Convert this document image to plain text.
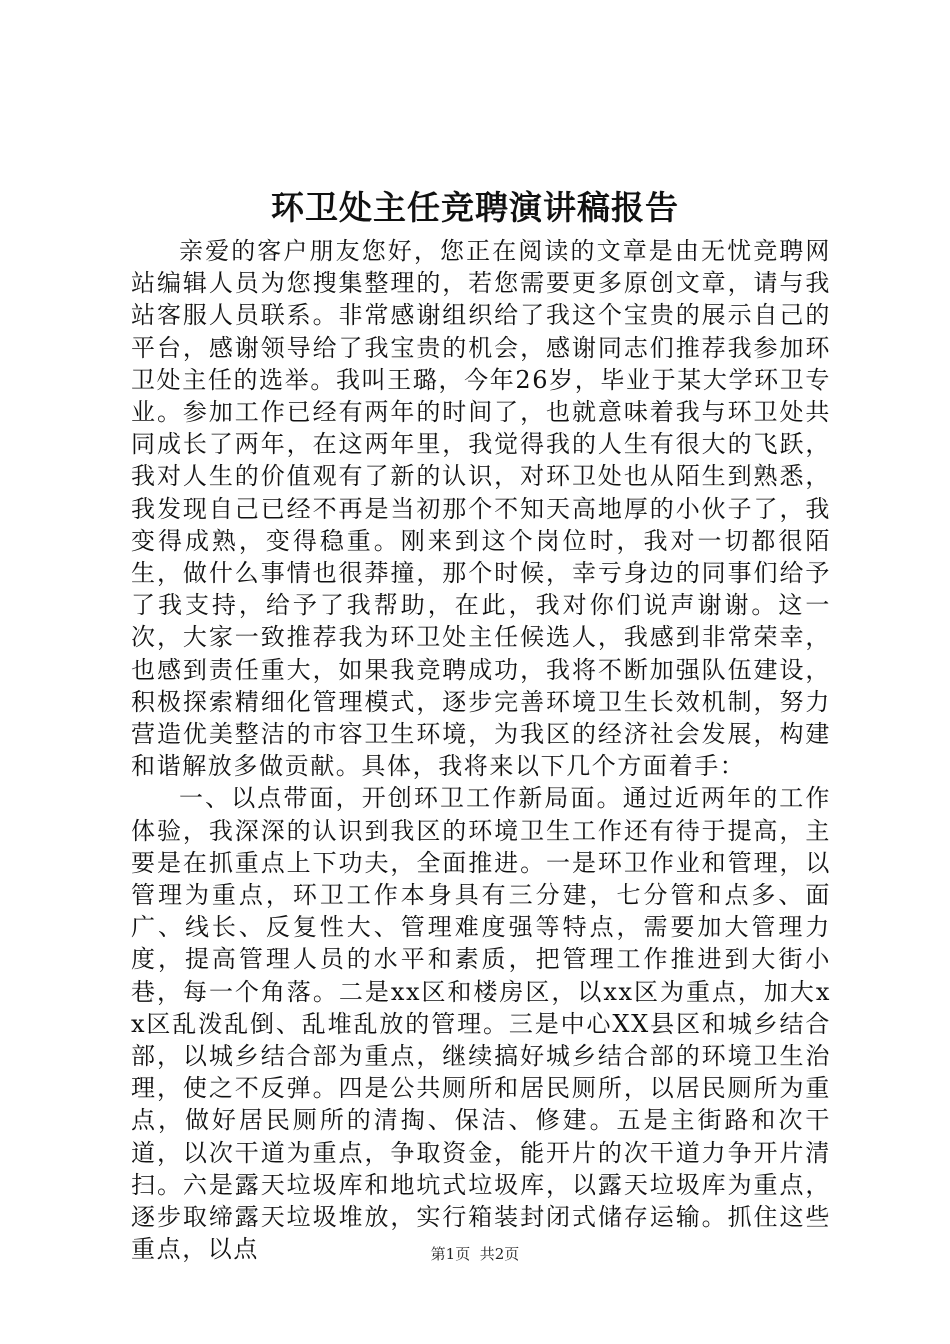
环卫处主任竞聘演讲稿报告

亲爱的客户朋友您好，您正在阅读的文章是由无忧竞聘网站编辑人员为您搜集整理的，若您需要更多原创文章，请与我站客服人员联系。非常感谢组织给了我这个宝贵的展示自己的平台，感谢领导给了我宝贵的机会，感谢同志们推荐我参加环卫处主任的选举。我叫王璐，今年26岁，毕业于某大学环卫专业。参加工作已经有两年的时间了，也就意味着我与环卫处共同成长了两年，在这两年里，我觉得我的人生有很大的飞跃，我对人生的价值观有了新的认识，对环卫处也从陌生到熟悉，我发现自己已经不再是当初那个不知天高地厚的小伙子了，我变得成熟，变得稳重。刚来到这个岗位时，我对一切都很陌生，做什么事情也很莽撞，那个时候，幸亏身边的同事们给予了我支持，给予了我帮助，在此，我对你们说声谢谢。这一次，大家一致推荐我为环卫处主任候选人，我感到非常荣幸，也感到责任重大，如果我竞聘成功，我将不断加强队伍建设，积极探索精细化管理模式，逐步完善环境卫生长效机制，努力营造优美整洁的市容卫生环境，为我区的经济社会发展，构建和谐解放多做贡献。具体，我将来以下几个方面着手：

一、以点带面，开创环卫工作新局面。通过近两年的工作体验，我深深的认识到我区的环境卫生工作还有待于提高，主要是在抓重点上下功夫，全面推进。一是环卫作业和管理，以管理为重点，环卫工作本身具有三分建，七分管和点多、面广、线长、反复性大、管理难度强等特点，需要加大管理力度，提高管理人员的水平和素质，把管理工作推进到大街小巷，每一个角落。二是xx区和楼房区，以xx区为重点，加大xx区乱泼乱倒、乱堆乱放的管理。三是中心XX县区和城乡结合部，以城乡结合部为重点，继续搞好城乡结合部的环境卫生治理，使之不反弹。四是公共厕所和居民厕所，以居民厕所为重点，做好居民厕所的清掏、保洁、修建。五是主街路和次干道，以次干道为重点，争取资金，能开片的次干道力争开片清扫。六是露天垃圾库和地坑式垃圾库，以露天垃圾库为重点，逐步取缔露天垃圾堆放，实行箱装封闭式储存运输。抓住这些重点，以点	第1页 共2页
